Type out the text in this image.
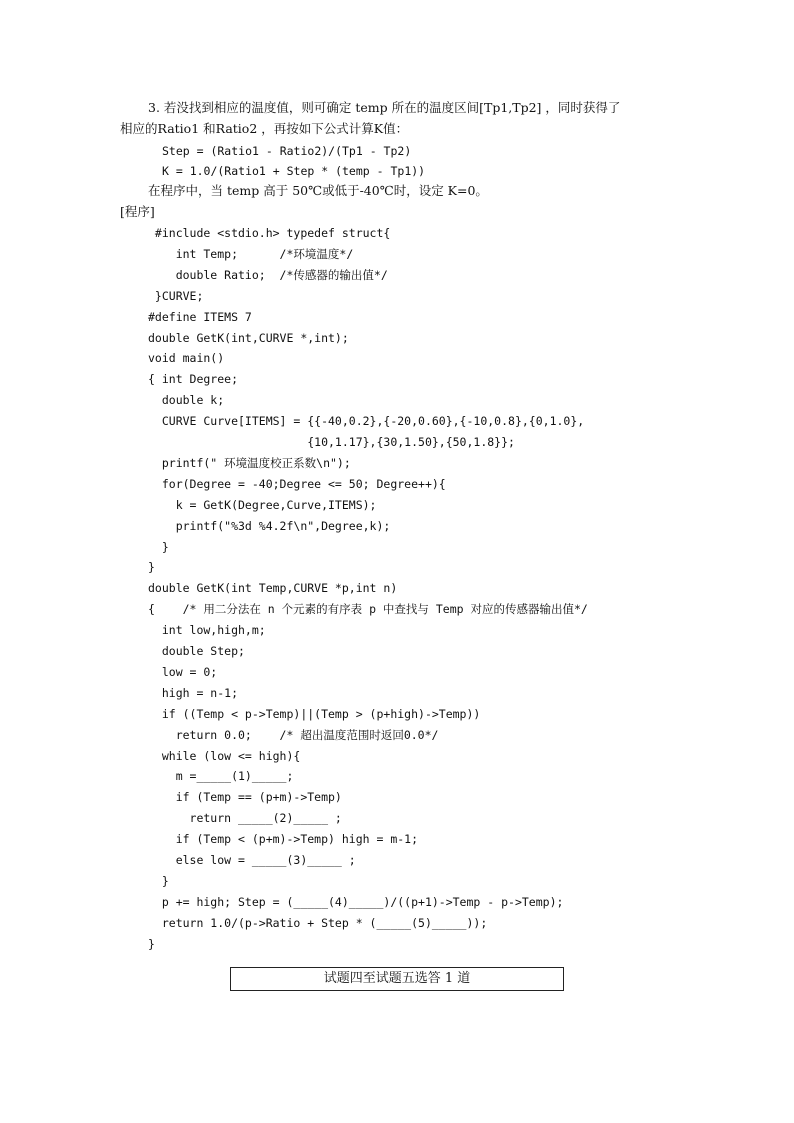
3. 若没找到相应的温度值，则可确定 temp 所在的温度区间[Tp1,Tp2] ，同时获得了
相应的Ratio1 和Ratio2 ，再按如下公式计算K值：
Step = (Ratio1 - Ratio2)/(Tp1 - Tp2)
K = 1.0/(Ratio1 + Step * (temp - Tp1))
在程序中，当 temp 高于 50℃或低于-40℃时，设定 K=0。
[程序]
#include <stdio.h> typedef struct{
int Temp;      /*环境温度*/
double Ratio;  /*传感器的输出值*/
}CURVE;
#define ITEMS 7
double GetK(int,CURVE *,int);
void main()
{ int Degree;
double k;
CURVE Curve[ITEMS] = {{-40,0.2},{-20,0.60},{-10,0.8},{0,1.0},
{10,1.17},{30,1.50},{50,1.8}};
printf(" 环境温度校正系数\n");
for(Degree = -40;Degree <= 50; Degree++){
k = GetK(Degree,Curve,ITEMS);
printf("%3d %4.2f\n",Degree,k);
}
}
double GetK(int Temp,CURVE *p,int n)
{    /* 用二分法在 n 个元素的有序表 p 中查找与 Temp 对应的传感器输出值*/
int low,high,m;
double Step;
low = 0;
high = n-1;
if ((Temp < p->Temp)||(Temp > (p+high)->Temp))
return 0.0;    /* 超出温度范围时返回0.0*/
while (low <= high){
m =_____(1)_____;
if (Temp == (p+m)->Temp)
return _____(2)_____ ;
if (Temp < (p+m)->Temp) high = m-1;
else low = _____(3)_____ ;
}
p += high; Step = (_____(4)_____)/((p+1)->Temp - p->Temp);
return 1.0/(p->Ratio + Step * (_____(5)_____));
}
试题四至试题五选答 1 道
